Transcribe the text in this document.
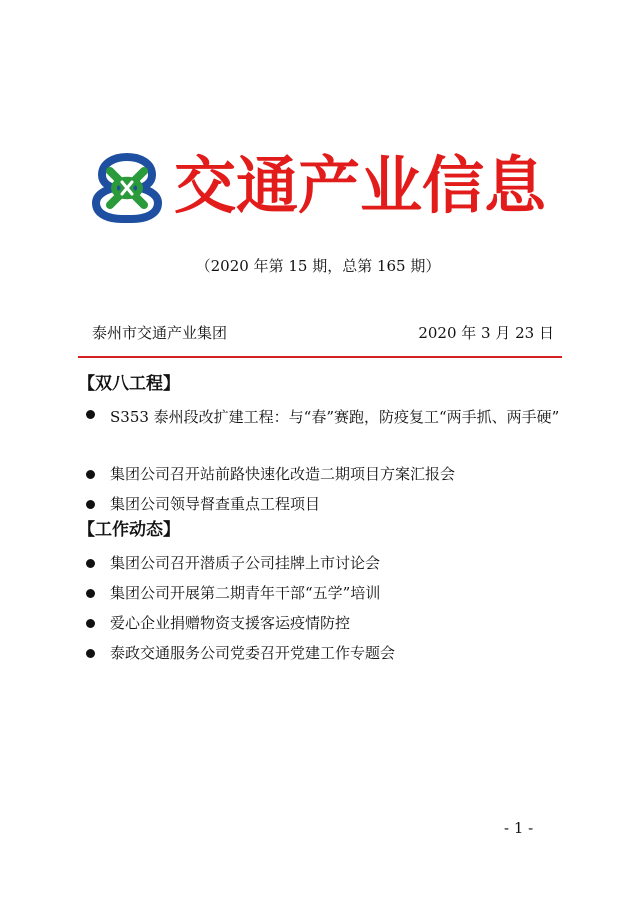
交通产业信息
（2020 年第 15 期，总第 165 期）
泰州市交通产业集团	2020 年 3 月 23 日
【双八工程】
S353 泰州段改扩建工程：与“春”赛跑，防疫复工“两手抓、两手硬”
集团公司召开站前路快速化改造二期项目方案汇报会
集团公司领导督查重点工程项目
【工作动态】
集团公司召开潜质子公司挂牌上市讨论会
集团公司开展第二期青年干部“五学”培训
爱心企业捐赠物资支援客运疫情防控
泰政交通服务公司党委召开党建工作专题会
- 1 -
